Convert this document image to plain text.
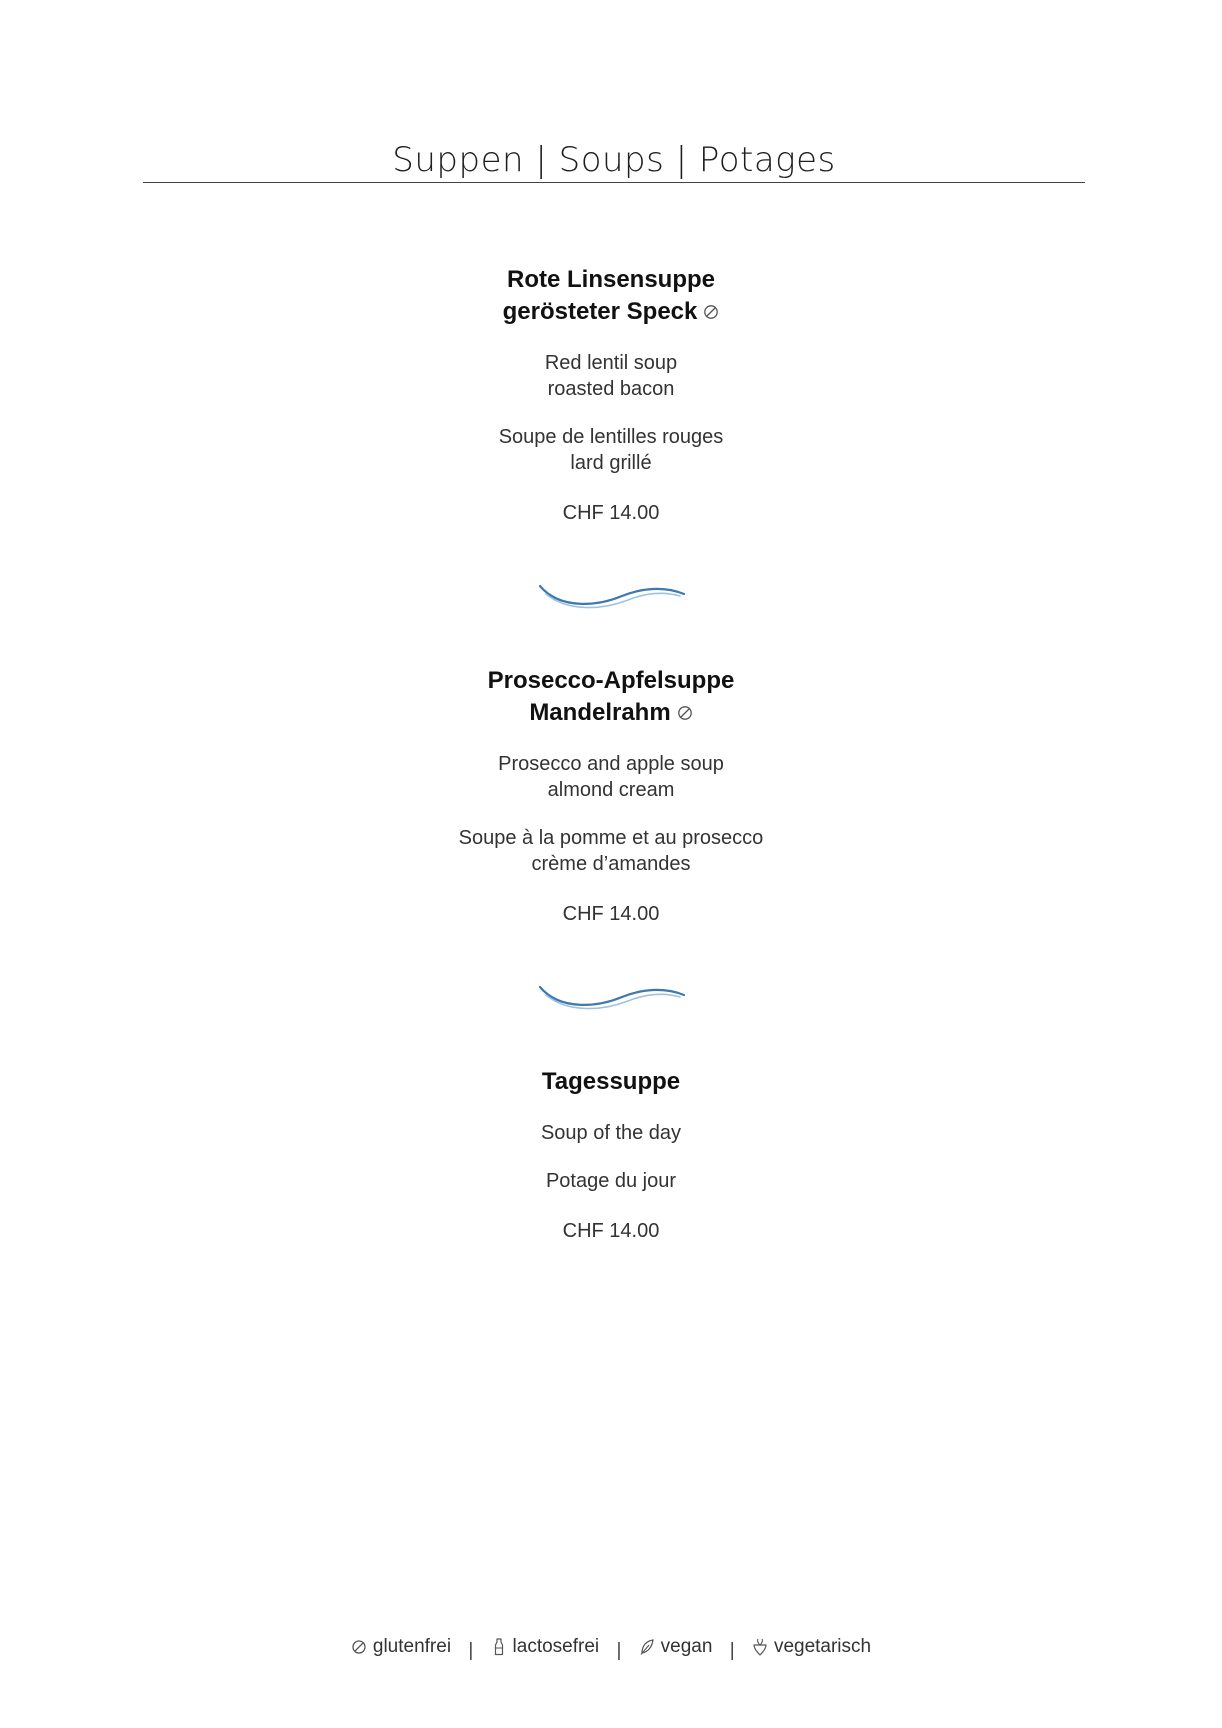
Suppen | Soups | Potages
Rote Linsensuppe
gerösteter Speck
Red lentil soup
roasted bacon
Soupe de lentilles rouges
lard grillé
CHF 14.00
Prosecco-Apfelsuppe
Mandelrahm
Prosecco and apple soup
almond cream
Soupe à la pomme et au prosecco
crème d’amandes
CHF 14.00
Tagessuppe
Soup of the day
Potage du jour
CHF 14.00
glutenfrei | lactosefrei | vegan | vegetarisch
